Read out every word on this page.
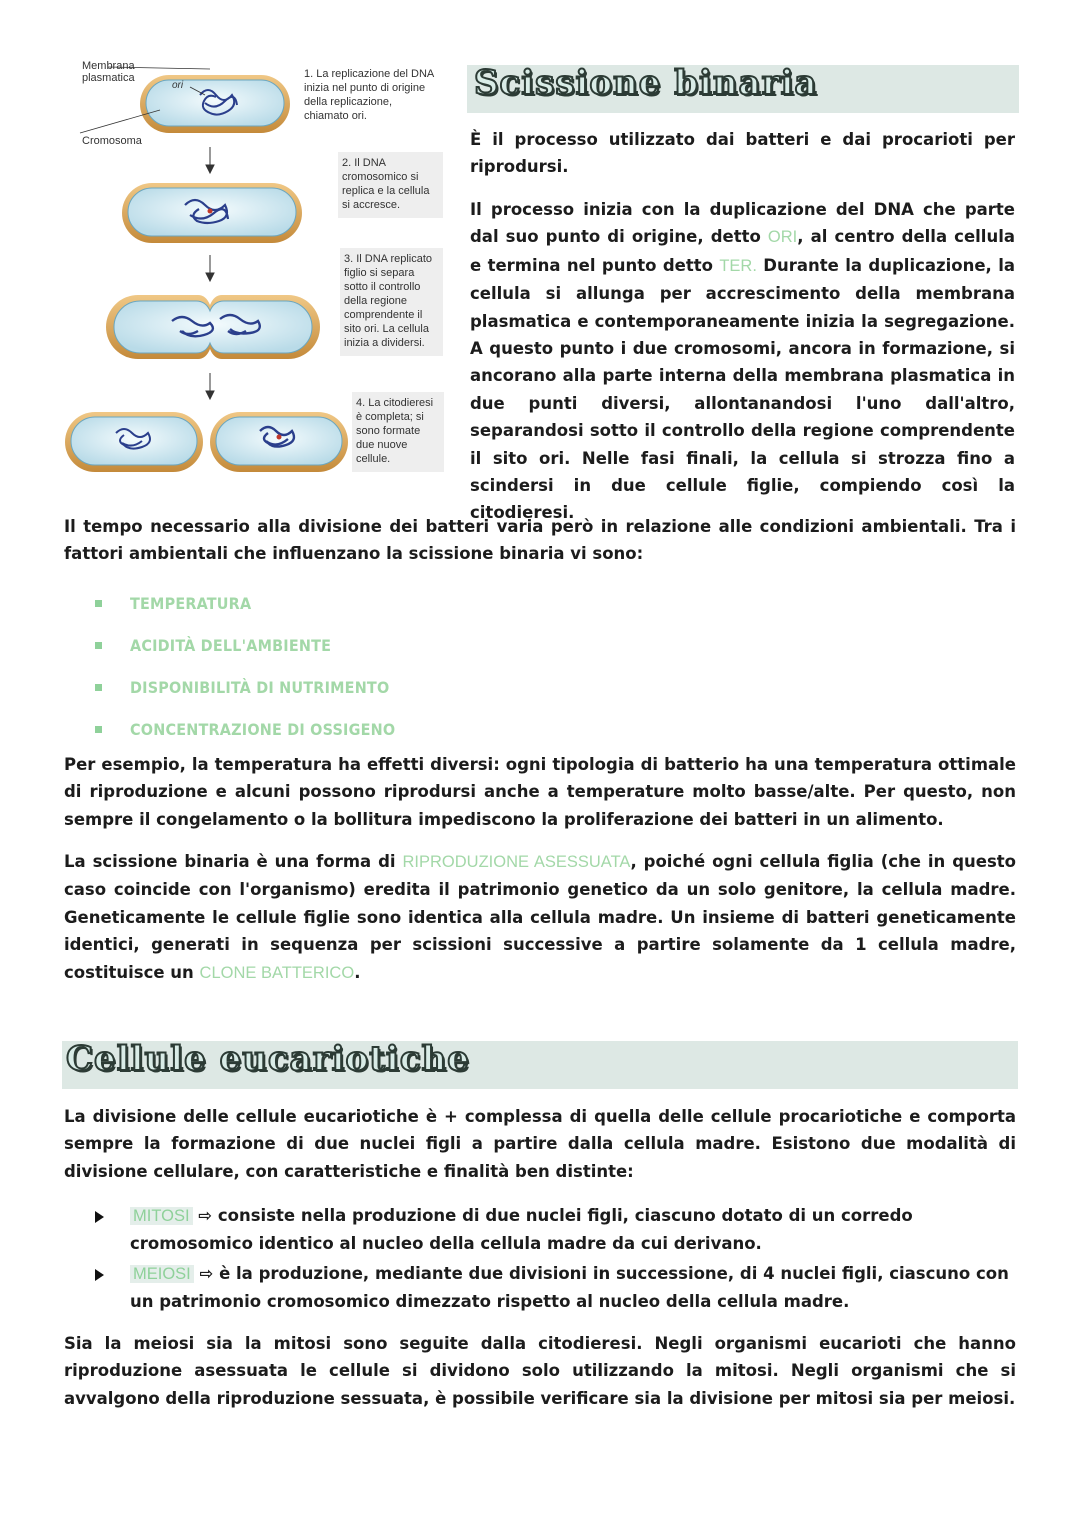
Membrana plasmatica
ori
Cromosoma
1. La replicazione del DNA inizia nel punto di origine della replicazione, chiamato ori.
2. Il DNA cromosomico si replica e la cellula si accresce.
3. Il DNA replicato figlio si separa sotto il controllo della regione comprendente il sito ori. La cellula inizia a dividersi.
4. La citodieresi è completa; si sono formate due nuove cellule.
Scissione binaria
È il processo utilizzato dai batteri e dai procarioti per riprodursi.
Il processo inizia con la duplicazione del DNA che parte dal suo punto di origine, detto ORI, al centro della cellula e termina nel punto detto TER. Durante la duplicazione, la cellula si allunga per accrescimento della membrana plasmatica e contemporaneamente inizia la segregazione. A questo punto i due cromosomi, ancora in formazione, si ancorano alla parte interna della membrana plasmatica in due punti diversi, allontanandosi l'uno dall'altro, separandosi sotto il controllo della regione comprendente il sito ori. Nelle fasi finali, la cellula si strozza fino a scindersi in due cellule figlie, compiendo così la citodieresi.
Il tempo necessario alla divisione dei batteri varia però in relazione alle condizioni ambientali. Tra i fattori ambientali che influenzano la scissione binaria vi sono:
TEMPERATURA
ACIDITÀ DELL'AMBIENTE
DISPONIBILITÀ DI NUTRIMENTO
CONCENTRAZIONE DI OSSIGENO
Per esempio, la temperatura ha effetti diversi: ogni tipologia di batterio ha una temperatura ottimale di riproduzione e alcuni possono riprodursi anche a temperature molto basse/alte. Per questo, non sempre il congelamento o la bollitura impediscono la proliferazione dei batteri in un alimento.
La scissione binaria è una forma di RIPRODUZIONE ASESSUATA, poiché ogni cellula figlia (che in questo caso coincide con l'organismo) eredita il patrimonio genetico da un solo genitore, la cellula madre. Geneticamente le cellule figlie sono identica alla cellula madre. Un insieme di batteri geneticamente identici, generati in sequenza per scissioni successive a partire solamente da 1 cellula madre, costituisce un CLONE BATTERICO.
Cellule eucariotiche
La divisione delle cellule eucariotiche è + complessa di quella delle cellule procariotiche e comporta sempre la formazione di due nuclei figli a partire dalla cellula madre. Esistono due modalità di divisione cellulare, con caratteristiche e finalità ben distinte:
MITOSI ⇨ consiste nella produzione di due nuclei figli, ciascuno dotato di un corredo cromosomico identico al nucleo della cellula madre da cui derivano.
MEIOSI ⇨ è la produzione, mediante due divisioni in successione, di 4 nuclei figli, ciascuno con un patrimonio cromosomico dimezzato rispetto al nucleo della cellula madre.
Sia la meiosi sia la mitosi sono seguite dalla citodieresi. Negli organismi eucarioti che hanno riproduzione asessuata le cellule si dividono solo utilizzando la mitosi. Negli organismi che si avvalgono della riproduzione sessuata, è possibile verificare sia la divisione per mitosi sia per meiosi.
